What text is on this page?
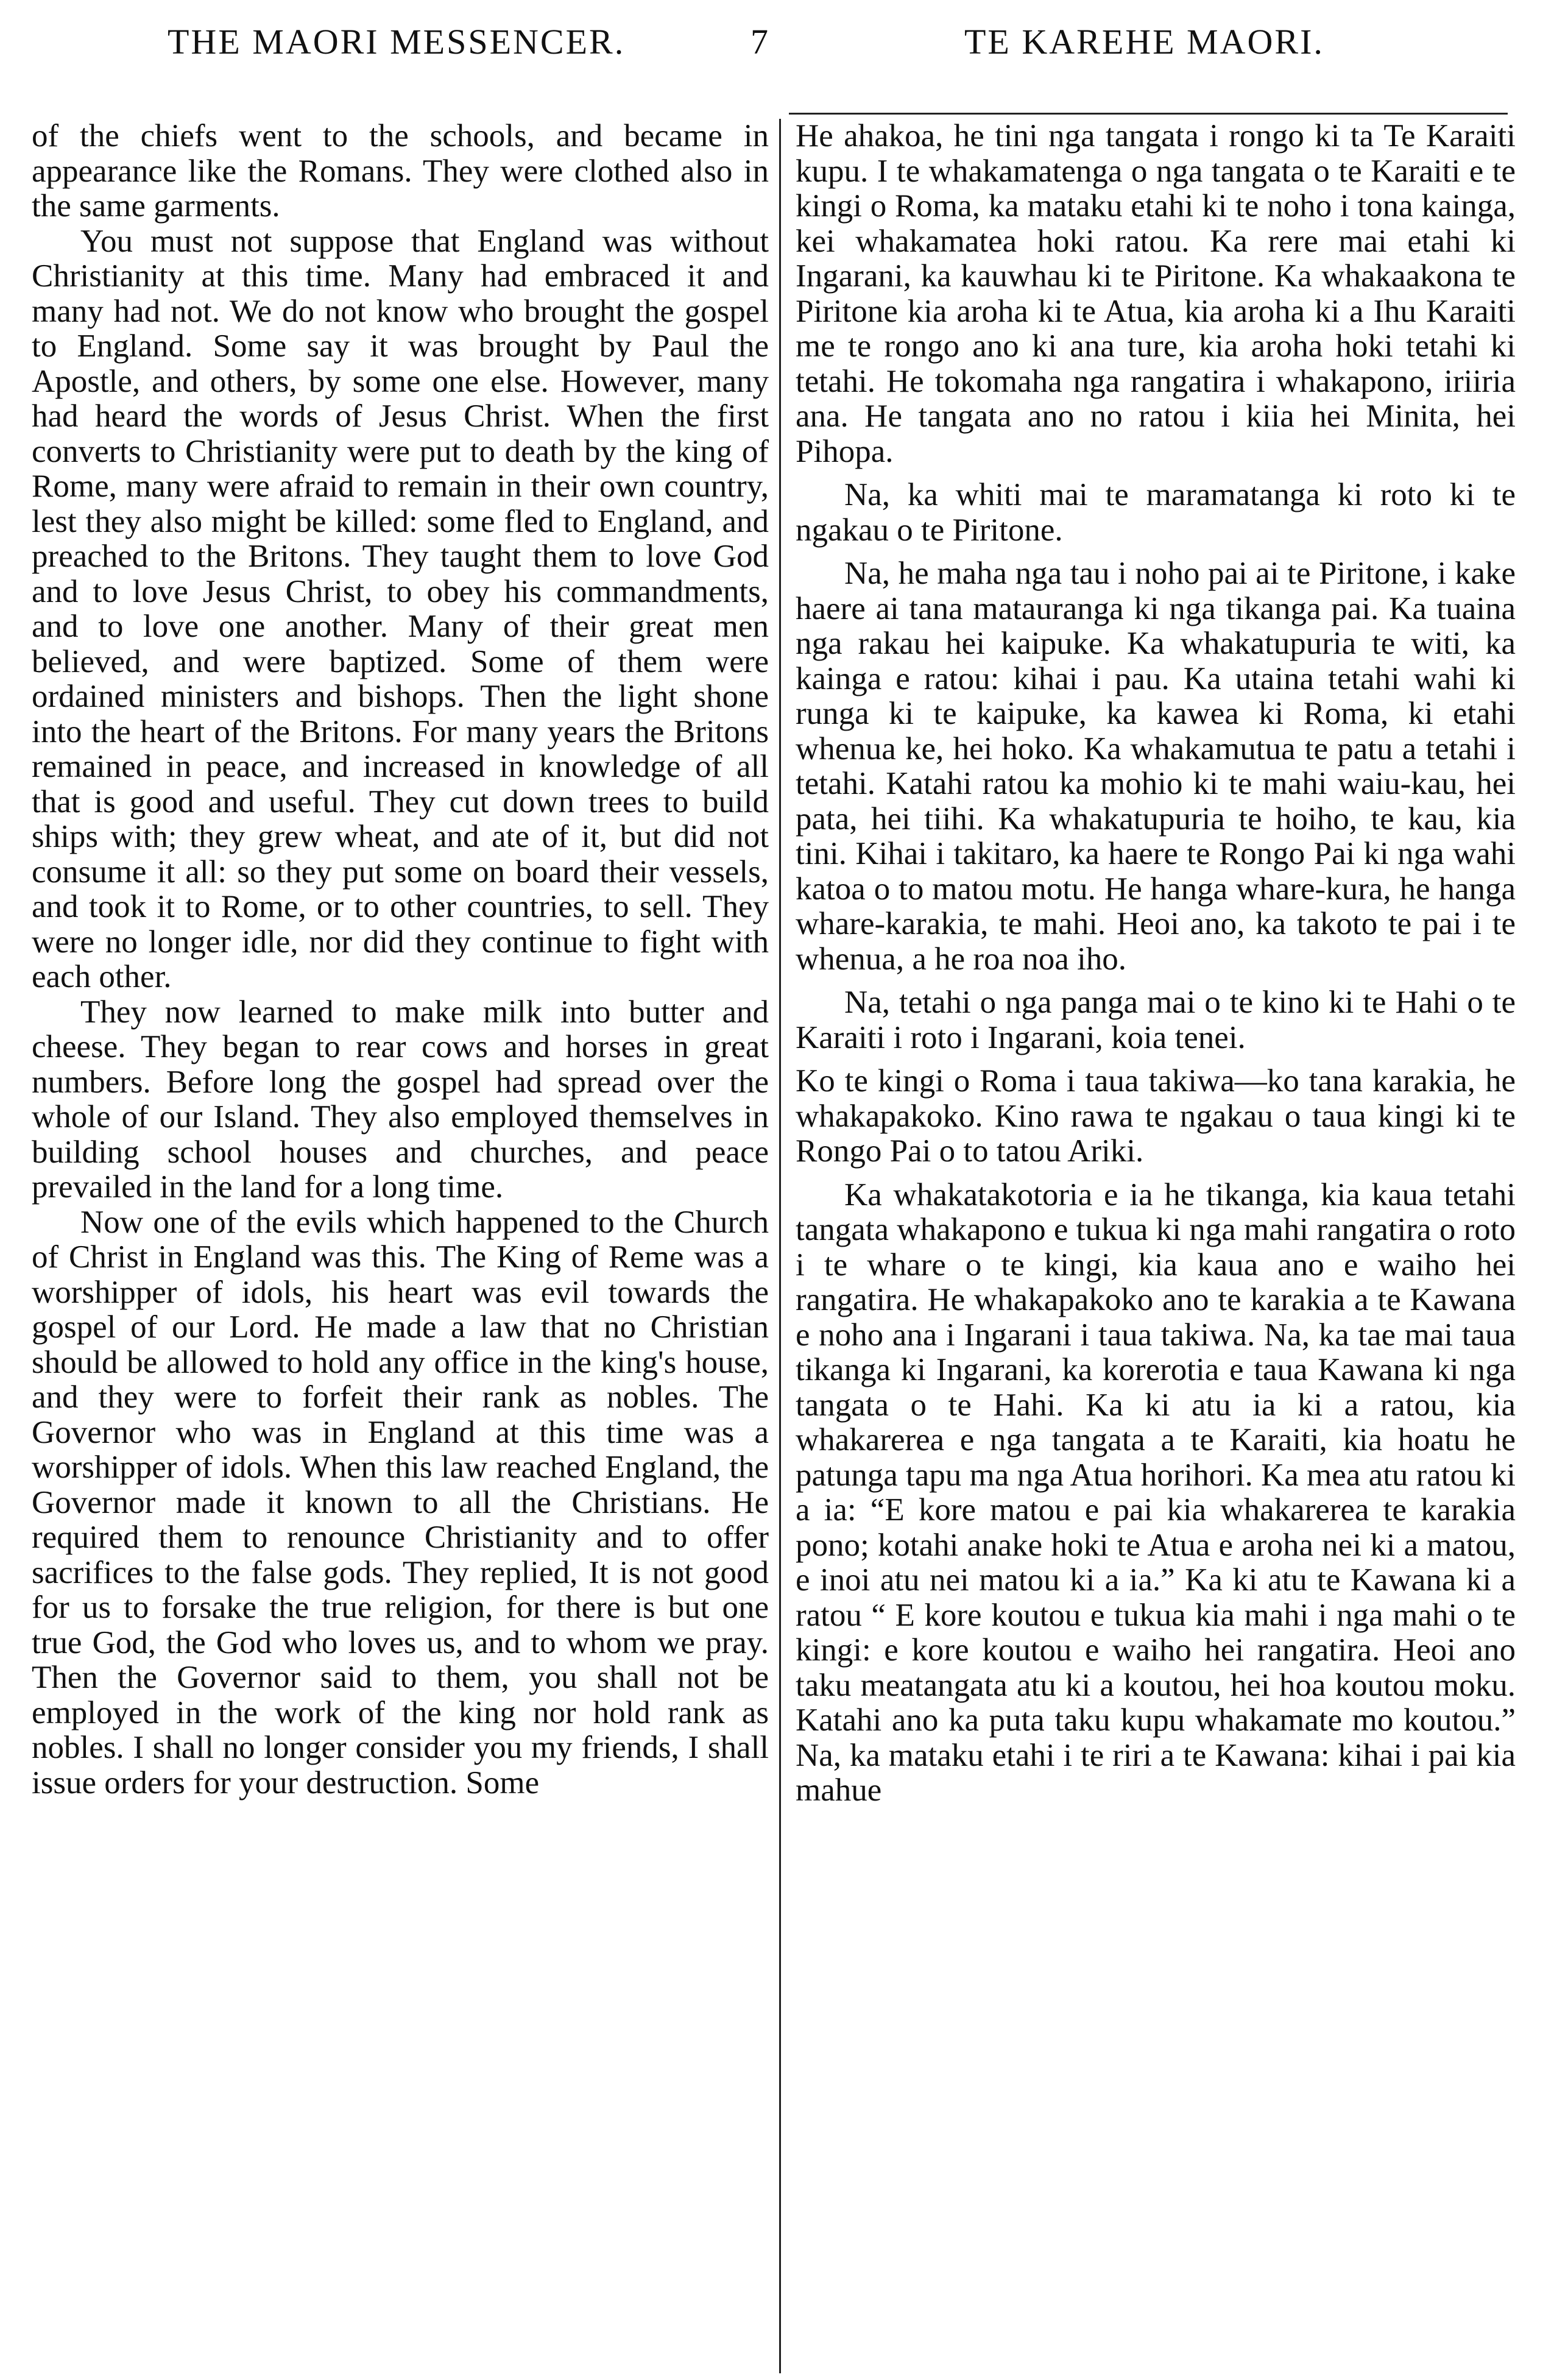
THE MAORI MESSENCER.	7	TE KAREHE MAORI.

of the chiefs went to the schools, and became in appearance like the Romans. They were clothed also in the same garments.

You must not suppose that England was without Christianity at this time. Many had embraced it and many had not. We do not know who brought the gospel to England. Some say it was brought by Paul the Apostle, and others, by some one else. However, many had heard the words of Jesus Christ. When the first converts to Christianity were put to death by the king of Rome, many were afraid to remain in their own country, lest they also might be killed: some fled to England, and preached to the Britons. They taught them to love God and to love Jesus Christ, to obey his commandments, and to love one another. Many of their great men believed, and were baptized. Some of them were ordained ministers and bishops. Then the light shone into the heart of the Britons. For many years the Britons remained in peace, and increased in knowledge of all that is good and useful. They cut down trees to build ships with; they grew wheat, and ate of it, but did not consume it all: so they put some on board their vessels, and took it to Rome, or to other countries, to sell. They were no longer idle, nor did they continue to fight with each other.

They now learned to make milk into butter and cheese. They began to rear cows and horses in great numbers. Before long the gospel had spread over the whole of our Island. They also employed themselves in building school houses and churches, and peace prevailed in the land for a long time.

Now one of the evils which happened to the Church of Christ in England was this. The King of Reme was a worshipper of idols, his heart was evil towards the gospel of our Lord. He made a law that no Christian should be allowed to hold any office in the king's house, and they were to forfeit their rank as nobles. The Governor who was in England at this time was a worshipper of idols. When this law reached England, the Governor made it known to all the Christians. He required them to renounce Christianity and to offer sacrifices to the false gods. They replied, It is not good for us to forsake the true religion, for there is but one true God, the God who loves us, and to whom we pray. Then the Governor said to them, you shall not be employed in the work of the king nor hold rank as nobles. I shall no longer consider you my friends, I shall issue orders for your destruction. Some

He ahakoa, he tini nga tangata i rongo ki ta Te Karaiti kupu. I te whakamatenga o nga tangata o te Karaiti e te kingi o Roma, ka mataku etahi ki te noho i tona kainga, kei whakamatea hoki ratou. Ka rere mai etahi ki Ingarani, ka kauwhau ki te Piritone. Ka whakaakona te Piritone kia aroha ki te Atua, kia aroha ki a Ihu Karaiti me te rongo ano ki ana ture, kia aroha hoki tetahi ki tetahi. He tokomaha nga rangatira i whakapono, iriiria ana. He tangata ano no ratou i kiia hei Minita, hei Pihopa.

Na, ka whiti mai te maramatanga ki roto ki te ngakau o te Piritone.

Na, he maha nga tau i noho pai ai te Piritone, i kake haere ai tana matauranga ki nga tikanga pai. Ka tuaina nga rakau hei kaipuke. Ka whakatupuria te witi, ka kainga e ratou: kihai i pau. Ka utaina tetahi wahi ki runga ki te kaipuke, ka kawea ki Roma, ki etahi whenua ke, hei hoko. Ka whakamutua te patu a tetahi i tetahi. Katahi ratou ka mohio ki te mahi waiu-kau, hei pata, hei tiihi. Ka whakatupuria te hoiho, te kau, kia tini. Kihai i takitaro, ka haere te Rongo Pai ki nga wahi katoa o to matou motu. He hanga whare-kura, he hanga whare-karakia, te mahi. Heoi ano, ka takoto te pai i te whenua, a he roa noa iho.

Na, tetahi o nga panga mai o te kino ki te Hahi o te Karaiti i roto i Ingarani, koia tenei.

Ko te kingi o Roma i taua takiwa—ko tana karakia, he whakapakoko. Kino rawa te ngakau o taua kingi ki te Rongo Pai o to tatou Ariki.

Ka whakatakotoria e ia he tikanga, kia kaua tetahi tangata whakapono e tukua ki nga mahi rangatira o roto i te whare o te kingi, kia kaua ano e waiho hei rangatira. He whakapakoko ano te karakia a te Kawana e noho ana i Ingarani i taua takiwa. Na, ka tae mai taua tikanga ki Ingarani, ka korerotia e taua Kawana ki nga tangata o te Hahi. Ka ki atu ia ki a ratou, kia whakarerea e nga tangata a te Karaiti, kia hoatu he patunga tapu ma nga Atua horihori. Ka mea atu ratou ki a ia: “E kore matou e pai kia whakarerea te karakia pono; kotahi anake hoki te Atua e aroha nei ki a matou, e inoi atu nei matou ki a ia.” Ka ki atu te Kawana ki a ratou “ E kore koutou e tukua kia mahi i nga mahi o te kingi: e kore koutou e waiho hei rangatira. Heoi ano taku meatangata atu ki a koutou, hei hoa koutou moku. Katahi ano ka puta taku kupu whakamate mo koutou.” Na, ka mataku etahi i te riri a te Kawana: kihai i pai kia mahue
